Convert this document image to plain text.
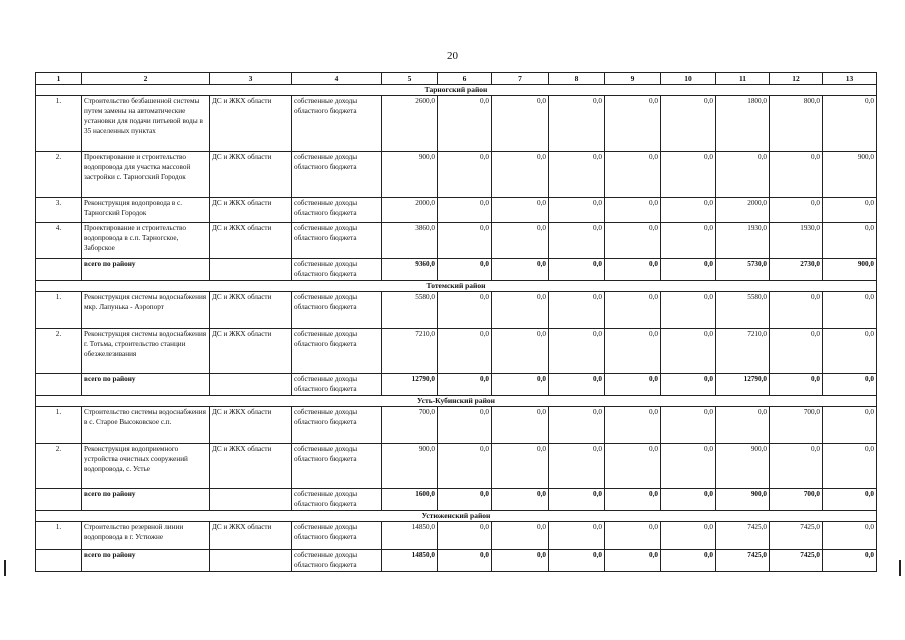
20
1	2	3	4	5	6	7	8	9	10	11	12	13
Тарногский район												
1.	Строительство безбашенной системы путем замены на автоматические установки для подачи питьевой воды в 35 населенных пунктах	ДС и ЖКХ области	собственные доходы областного бюджета	2600,0	0,0	0,0	0,0	0,0	0,0	1800,0	800,0	0,0
2.	Проектирование и строительство водопровода для участка массовой застройки с. Тарногский Городок	ДС и ЖКХ области	собственные доходы областного бюджета	900,0	0,0	0,0	0,0	0,0	0,0	0,0	0,0	900,0
3.	Реконструкция водопровода в с. Тарногский Городок	ДС и ЖКХ области	собственные доходы областного бюджета	2000,0	0,0	0,0	0,0	0,0	0,0	2000,0	0,0	0,0
4.	Проектирование и строительство водопровода в с.п. Тарногское, Заборское	ДС и ЖКХ области	собственные доходы областного бюджета	3860,0	0,0	0,0	0,0	0,0	0,0	1930,0	1930,0	0,0
	всего по району		собственные доходы областного бюджета	9360,0	0,0	0,0	0,0	0,0	0,0	5730,0	2730,0	900,0
Тотемский район												
1.	Реконструкция системы водоснабжения мкр. Лапунька - Аэропорт	ДС и ЖКХ области	собственные доходы областного бюджета	5580,0	0,0	0,0	0,0	0,0	0,0	5580,0	0,0	0,0
2.	Реконструкция системы водоснабжения г. Тотьма, строительство станции обезжелезивания	ДС и ЖКХ области	собственные доходы областного бюджета	7210,0	0,0	0,0	0,0	0,0	0,0	7210,0	0,0	0,0
	всего по району		собственные доходы областного бюджета	12790,0	0,0	0,0	0,0	0,0	0,0	12790,0	0,0	0,0
Усть-Кубинский район												
1.	Строительство системы водоснабжения в с. Старое Высоковское с.п.	ДС и ЖКХ области	собственные доходы областного бюджета	700,0	0,0	0,0	0,0	0,0	0,0	0,0	700,0	0,0
2.	Реконструкция водоприемного устройства очистных сооружений водопровода, с. Устье	ДС и ЖКХ области	собственные доходы областного бюджета	900,0	0,0	0,0	0,0	0,0	0,0	900,0	0,0	0,0
	всего по району		собственные доходы областного бюджета	1600,0	0,0	0,0	0,0	0,0	0,0	900,0	700,0	0,0
Устюженский район												
1.	Строительство резервной линии водопровода в г. Устюжне	ДС и ЖКХ области	собственные доходы областного бюджета	14850,0	0,0	0,0	0,0	0,0	0,0	7425,0	7425,0	0,0
	всего по району		собственные доходы областного бюджета	14850,0	0,0	0,0	0,0	0,0	0,0	7425,0	7425,0	0,0
